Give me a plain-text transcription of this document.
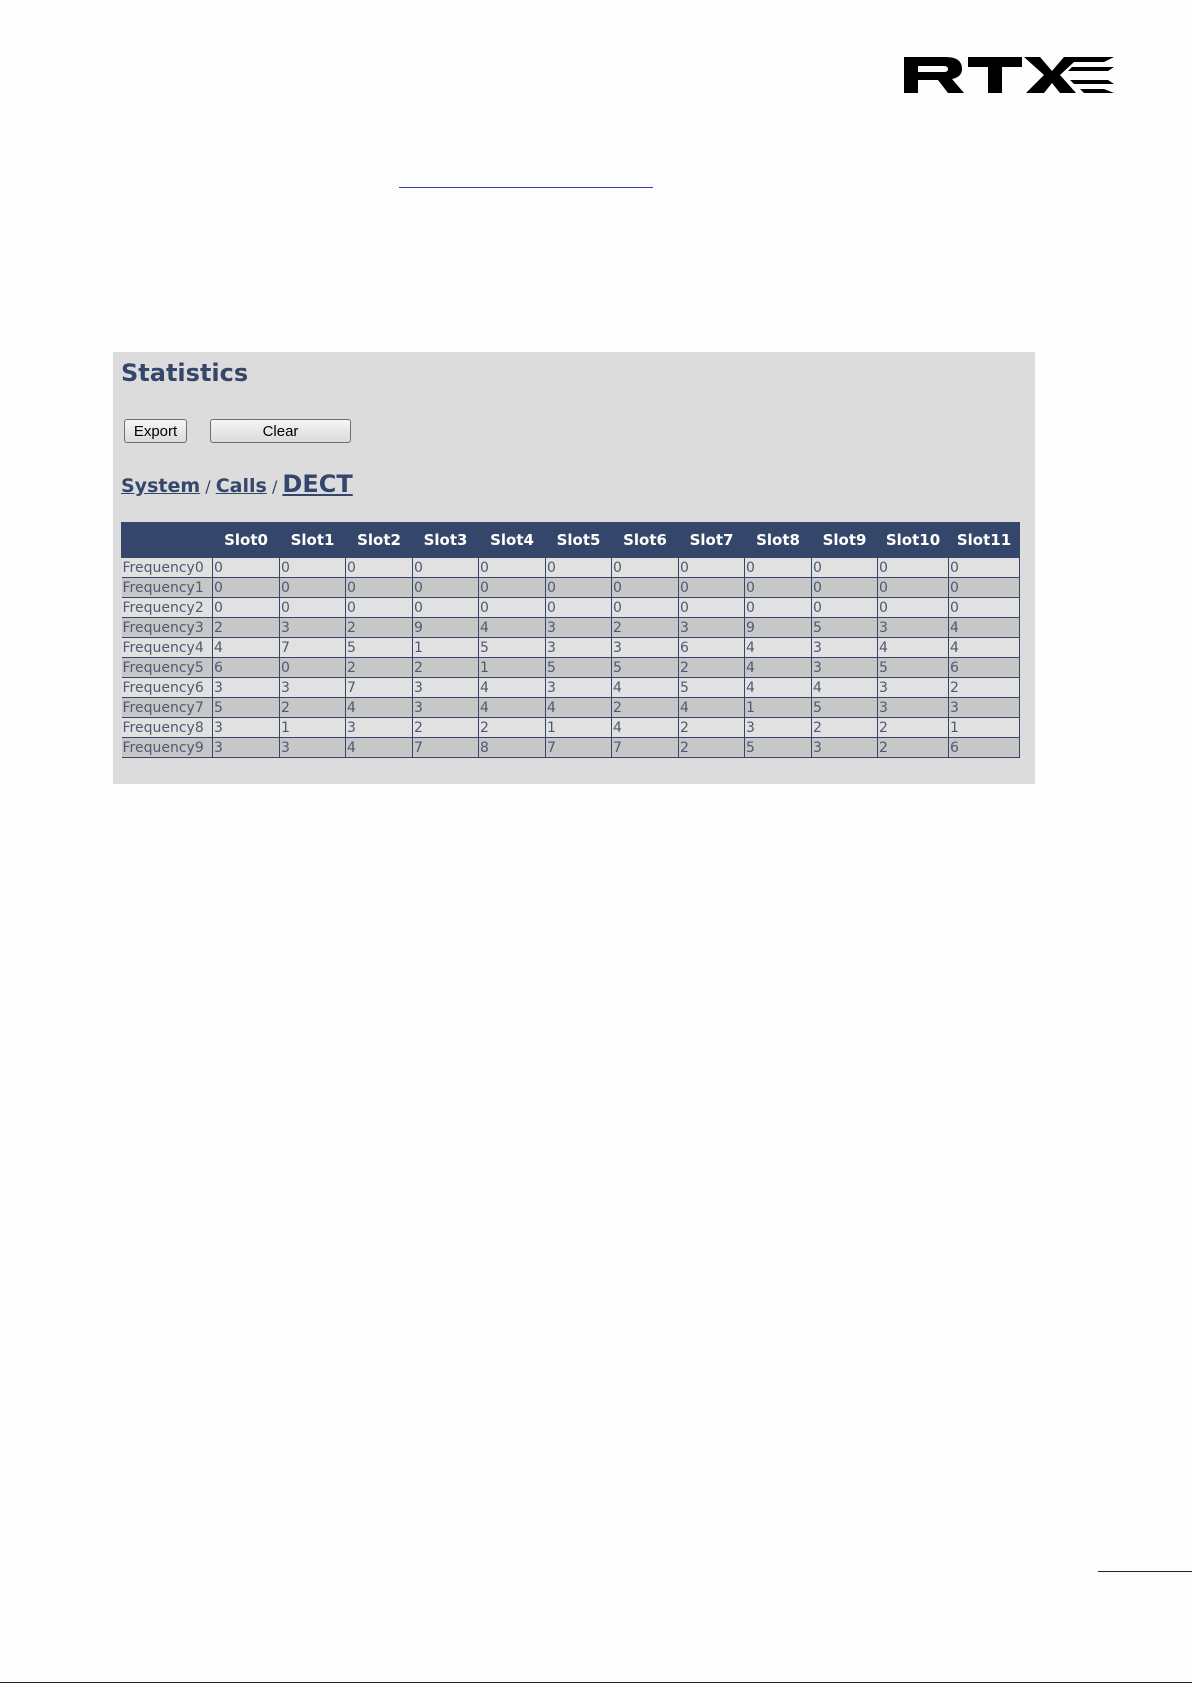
Statistics
Export	Clear
System / Calls / DECT
	Slot0	Slot1	Slot2	Slot3	Slot4	Slot5	Slot6	Slot7	Slot8	Slot9	Slot10	Slot11
Frequency0	0	0	0	0	0	0	0	0	0	0	0	0
Frequency1	0	0	0	0	0	0	0	0	0	0	0	0
Frequency2	0	0	0	0	0	0	0	0	0	0	0	0
Frequency3	2	3	2	9	4	3	2	3	9	5	3	4
Frequency4	4	7	5	1	5	3	3	6	4	3	4	4
Frequency5	6	0	2	2	1	5	5	2	4	3	5	6
Frequency6	3	3	7	3	4	3	4	5	4	4	3	2
Frequency7	5	2	4	3	4	4	2	4	1	5	3	3
Frequency8	3	1	3	2	2	1	4	2	3	2	2	1
Frequency9	3	3	4	7	8	7	7	2	5	3	2	6
